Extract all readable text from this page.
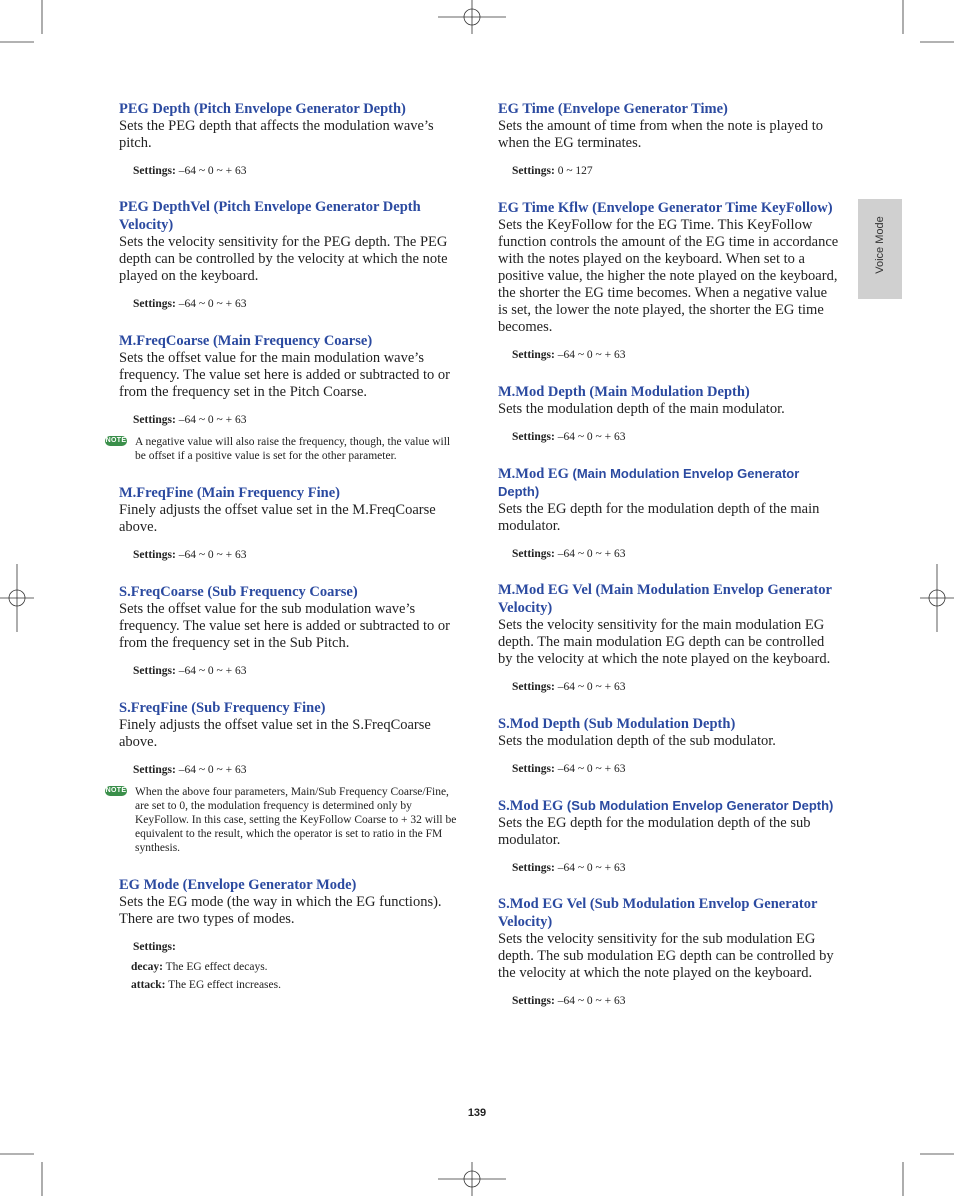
Voice Mode

PEG Depth (Pitch Envelope Generator Depth)

Sets the PEG depth that affects the modulation wave’s pitch.

Settings: –64 ~ 0 ~ + 63

PEG DepthVel (Pitch Envelope Generator Depth Velocity)

Sets the velocity sensitivity for the PEG depth. The PEG depth can be controlled by the velocity at which the note played on the keyboard.

Settings: –64 ~ 0 ~ + 63

M.FreqCoarse (Main Frequency Coarse)

Sets the offset value for the main modulation wave’s frequency. The value set here is added or subtracted to or from the frequency set in the Pitch Coarse.

Settings: –64 ~ 0 ~ + 63

NOTE A negative value will also raise the frequency, though, the value will be offset if a positive value is set for the other parameter.

M.FreqFine (Main Frequency Fine)

Finely adjusts the offset value set in the M.FreqCoarse above.

Settings: –64 ~ 0 ~ + 63

S.FreqCoarse (Sub Frequency Coarse)

Sets the offset value for the sub modulation wave’s frequency. The value set here is added or subtracted to or from the frequency set in the Sub Pitch.

Settings: –64 ~ 0 ~ + 63

S.FreqFine (Sub Frequency Fine)

Finely adjusts the offset value set in the S.FreqCoarse above.

Settings: –64 ~ 0 ~ + 63

NOTE When the above four parameters, Main/Sub Frequency Coarse/Fine, are set to 0, the modulation frequency is determined only by KeyFollow. In this case, setting the KeyFollow Coarse to + 32 will be equivalent to the result, which the operator is set to ratio in the FM synthesis.

EG Mode (Envelope Generator Mode)

Sets the EG mode (the way in which the EG functions). There are two types of modes.

Settings:

decay: The EG effect decays.
attack: The EG effect increases.

EG Time (Envelope Generator Time)

Sets the amount of time from when the note is played to when the EG terminates.

Settings: 0 ~ 127

EG Time Kflw (Envelope Generator Time KeyFollow)

Sets the KeyFollow for the EG Time. This KeyFollow function controls the amount of the EG time in accordance with the notes played on the keyboard. When set to a positive value, the higher the note played on the keyboard, the shorter the EG time becomes. When a negative value is set, the lower the note played, the shorter the EG time becomes.

Settings: –64 ~ 0 ~ + 63

M.Mod Depth (Main Modulation Depth)

Sets the modulation depth of the main modulator.

Settings: –64 ~ 0 ~ + 63

M.Mod EG (Main Modulation Envelop Generator Depth)

Sets the EG depth for the modulation depth of the main modulator.

Settings: –64 ~ 0 ~ + 63

M.Mod EG Vel (Main Modulation Envelop Generator Velocity)

Sets the velocity sensitivity for the main modulation EG depth. The main modulation EG depth can be controlled by the velocity at which the note played on the keyboard.

Settings: –64 ~ 0 ~ + 63

S.Mod Depth (Sub Modulation Depth)

Sets the modulation depth of the sub modulator.

Settings: –64 ~ 0 ~ + 63

S.Mod EG (Sub Modulation Envelop Generator Depth)

Sets the EG depth for the modulation depth of the sub modulator.

Settings: –64 ~ 0 ~ + 63

S.Mod EG Vel (Sub Modulation Envelop Generator Velocity)

Sets the velocity sensitivity for the sub modulation EG depth. The sub modulation EG depth can be controlled by the velocity at which the note played on the keyboard.

Settings: –64 ~ 0 ~ + 63

139
